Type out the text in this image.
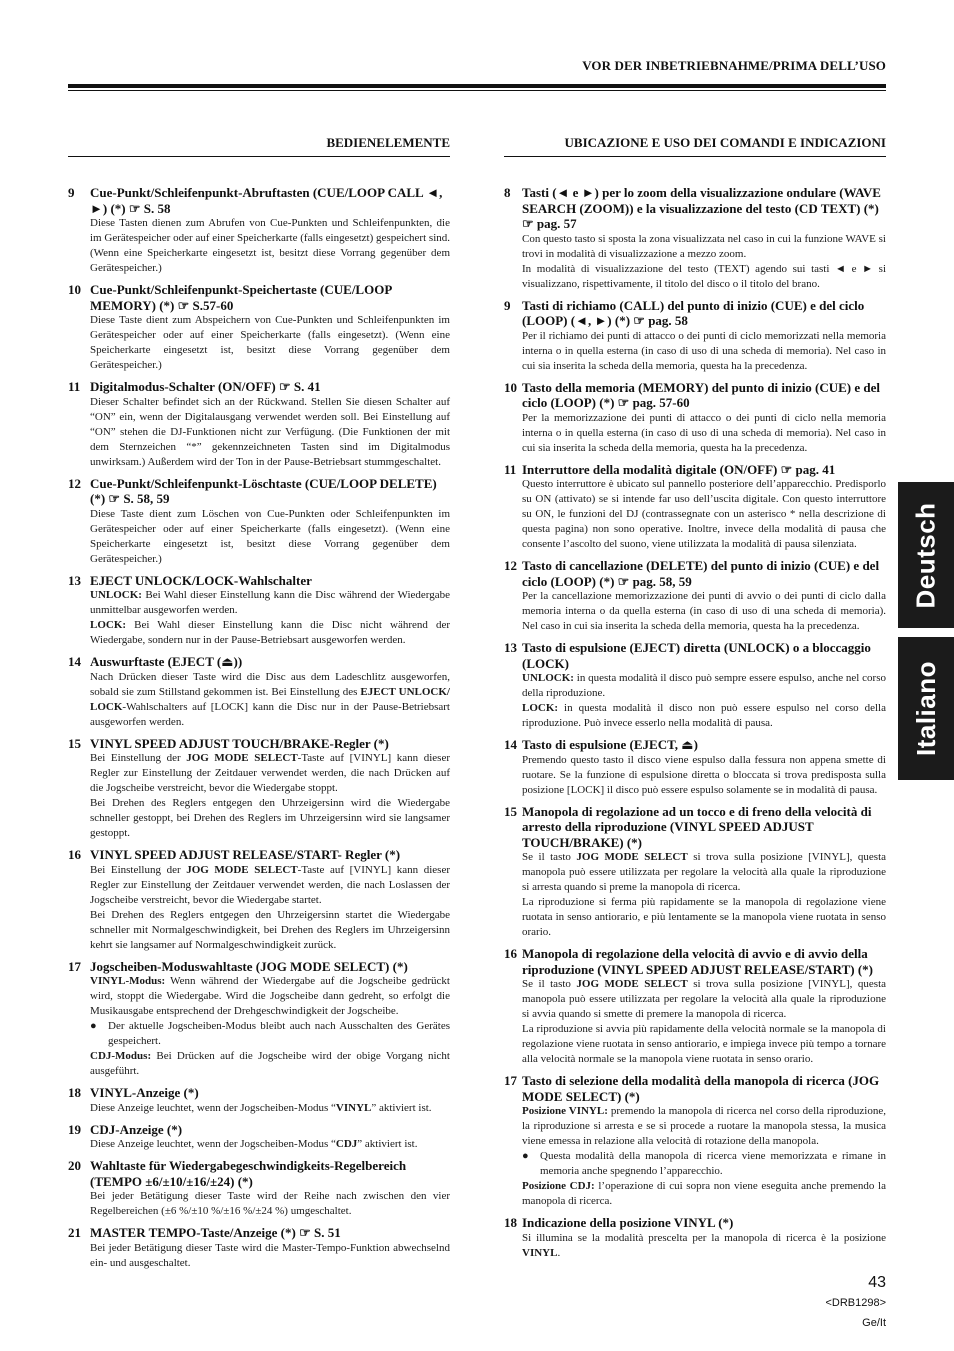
VOR DER INBETRIEBNAHME/PRIMA DELL’USO
BEDIENELEMENTE
9	Cue-Punkt/Schleifenpunkt-Abruftasten (CUE/LOOP CALL ◄, ►) (*) ☞ S. 58
Diese Tasten dienen zum Abrufen von Cue-Punkten und Schleifenpunkten, die im Gerätespeicher oder auf einer Speicherkarte (falls eingesetzt) gespeichert sind. (Wenn eine Speicherkarte eingesetzt ist, besitzt diese Vorrang gegenüber dem Gerätespeicher.)
10 Cue-Punkt/Schleifenpunkt-Speichertaste (CUE/LOOP MEMORY) (*) ☞ S.57-60
Diese Taste dient zum Abspeichern von Cue-Punkten und Schleifenpunkten im Gerätespeicher oder auf einer Speicherkarte (falls eingesetzt). (Wenn eine Speicherkarte eingesetzt ist, besitzt diese Vorrang gegenüber dem Gerätespeicher.)
11 Digitalmodus-Schalter (ON/OFF) ☞ S. 41
Dieser Schalter befindet sich an der Rückwand. Stellen Sie diesen Schalter auf “ON” ein, wenn der Digitalausgang verwendet werden soll. Bei Einstellung auf “ON” stehen die DJ-Funktionen nicht zur Verfügung. (Die Funktionen der mit dem Sternzeichen “*” gekennzeichneten Tasten sind im Digitalmodus unwirksam.) Außerdem wird der Ton in der Pause-Betriebsart stummgeschaltet.
12 Cue-Punkt/Schleifenpunkt-Löschtaste (CUE/LOOP DELETE) (*) ☞ S. 58, 59
Diese Taste dient zum Löschen von Cue-Punkten oder Schleifenpunkten im Gerätespeicher oder auf einer Speicherkarte (falls eingesetzt). (Wenn eine Speicherkarte eingesetzt ist, besitzt diese Vorrang gegenüber dem Gerätespeicher.)
13 EJECT UNLOCK/LOCK-Wahlschalter

UNLOCK: Bei Wahl dieser Einstellung kann die Disc während der Wiedergabe unmittelbar ausgeworfen werden.

LOCK: Bei Wahl dieser Einstellung kann die Disc nicht während der Wiedergabe, sondern nur in der Pause-Betriebsart ausgeworfen werden.

14 Auswurftaste (EJECT (⏏))

Nach Drücken dieser Taste wird die Disc aus dem Ladeschlitz ausgeworfen, sobald sie zum Stillstand gekommen ist. Bei Einstellung des EJECT UNLOCK/ LOCK-Wahlschalters auf [LOCK] kann die Disc nur in der Pause-Betriebsart ausgeworfen werden.

15 VINYL SPEED ADJUST TOUCH/BRAKE-Regler (*)

Bei Einstellung der JOG MODE SELECT-Taste auf [VINYL] kann dieser Regler zur Einstellung der Zeitdauer verwendet werden, die nach Drücken auf die Jogscheibe verstreicht, bevor die Wiedergabe stoppt.

Bei Drehen des Reglers entgegen den Uhrzeigersinn wird die Wiedergabe schneller gestoppt, bei Drehen des Reglers im Uhrzeigersinn wird sie langsamer gestoppt.

16 VINYL SPEED ADJUST RELEASE/START- Regler (*)

Bei Einstellung der JOG MODE SELECT-Taste auf [VINYL] kann dieser Regler zur Einstellung der Zeitdauer verwendet werden, die nach Loslassen der Jogscheibe verstreicht, bevor die Wiedergabe startet.

Bei Drehen des Reglers entgegen den Uhrzeigersinn startet die Wiedergabe schneller mit Normalgeschwindigkeit, bei Drehen des Reglers im Uhrzeigersinn kehrt sie langsamer auf Normalgeschwindigkeit zurück.

17 Jogscheiben-Moduswahltaste (JOG MODE SELECT) (*)

VINYL-Modus: Wenn während der Wiedergabe auf die Jogscheibe gedrückt wird, stoppt die Wiedergabe. Wird die Jogscheibe dann gedreht, so erfolgt die Musikausgabe entsprechend der Drehgeschwindigkeit der Jogscheibe.

●	Der aktuelle Jogscheiben-Modus bleibt auch nach Ausschalten des Gerätes gespeichert.

CDJ-Modus: Bei Drücken auf die Jogscheibe wird der obige Vorgang nicht ausgeführt.

18 VINYL-Anzeige (*)

Diese Anzeige leuchtet, wenn der Jogscheiben-Modus “VINYL” aktiviert ist.

19 CDJ-Anzeige (*)

Diese Anzeige leuchtet, wenn der Jogscheiben-Modus “CDJ” aktiviert ist.

20 Wahltaste für Wiedergabegeschwindigkeits-Regelbereich (TEMPO ±6/±10/±16/±24) (*)
Bei jeder Betätigung dieser Taste wird der Reihe nach zwischen den vier Regelbereichen (±6 %/±10 %/±16 %/±24 %) umgeschaltet.
21 MASTER TEMPO-Taste/Anzeige (*) ☞ S. 51
Bei jeder Betätigung dieser Taste wird die Master-Tempo-Funktion abwechselnd ein- und ausgeschaltet.
UBICAZIONE E USO DEI COMANDI E INDICAZIONI
8 Tasti (◄ e ►) per lo zoom della visualizzazione ondulare (WAVE SEARCH (ZOOM)) e la visualizzazione del testo (CD TEXT) (*) ☞ pag. 57

Con questo tasto si sposta la zona visualizzata nel caso in cui la funzione WAVE si trovi in modalità di visualizzazione a mezzo zoom.

In modalità di visualizzazione del testo (TEXT) agendo sui tasti ◄ e ► si visualizzano, rispettivamente, il titolo del disco o il titolo del brano.

9 Tasti di richiamo (CALL) del punto di inizio (CUE) e del ciclo (LOOP) (◄, ►) (*) ☞ pag. 58
Per il richiamo dei punti di attacco o dei punti di ciclo memorizzati nella memoria interna o in quella esterna (in caso di uso di una scheda di memoria). Nel caso in cui sia inserita la scheda della memoria, questa ha la precedenza.
10 Tasto della memoria (MEMORY) del punto di inizio (CUE) e del ciclo (LOOP) (*) ☞ pag. 57-60
Per la memorizzazione dei punti di attacco o dei punti di ciclo nella memoria interna o in quella esterna (in caso di uso di una scheda di memoria). Nel caso in cui sia inserita la scheda della memoria, questa ha la precedenza.
11 Interruttore della modalità digitale (ON/OFF) ☞ pag. 41
Questo interruttore è ubicato sul pannello posteriore dell’apparecchio. Predisporlo su ON (attivato) se si intende far uso dell’uscita digitale. Con questo interruttore su ON, le funzioni del DJ (contrassegnate con un asterisco * nella descrizione di questa pagina) non sono operative. Inoltre, invece della modalità di pausa che consente l’ascolto del suono, viene utilizzata la modalità di pausa silenziata.
12 Tasto di cancellazione (DELETE) del punto di inizio (CUE) e del ciclo (LOOP) (*) ☞ pag. 58, 59
Per la cancellazione memorizzazione dei punti di avvio o dei punti di ciclo dalla memoria interna o da quella esterna (in caso di uso di una scheda di memoria). Nel caso in cui sia inserita la scheda della memoria, questa ha la precedenza.
13 Tasto di espulsione (EJECT) diretta (UNLOCK) o a bloccaggio (LOCK)

UNLOCK: in questa modalità il disco può sempre essere espulso, anche nel corso della riproduzione.

LOCK: in questa modalità il disco non può essere espulso nel corso della riproduzione. Può invece esserlo nella modalità di pausa.

14 Tasto di espulsione (EJECT, ⏏)
Premendo questo tasto il disco viene espulso dalla fessura non appena smette di ruotare. Se la funzione di espulsione diretta o bloccata si trova predisposta sulla posizione [LOCK] il disco può essere espulso solamente se in modalità di pausa.
15 Manopola di regolazione ad un tocco e di freno della velocità di arresto della riproduzione (VINYL SPEED ADJUST TOUCH/BRAKE) (*)

Se il tasto JOG MODE SELECT si trova sulla posizione [VINYL], questa manopola può essere utilizzata per regolare la velocità alla quale la riproduzione si arresta quando si preme la manopola di ricerca.

La riproduzione si ferma più rapidamente se la manopola di regolazione viene ruotata in senso antiorario, e più lentamente se la manopola viene ruotata in senso orario.

16 Manopola di regolazione della velocità di avvio e di avvio della riproduzione (VINYL SPEED ADJUST RELEASE/START) (*)

Se il tasto JOG MODE SELECT si trova sulla posizione [VINYL], questa manopola può essere utilizzata per regolare la velocità alla quale la riproduzione si avvia quando si smette di premere la manopola di ricerca.

La riproduzione si avvia più rapidamente della velocità normale se la manopola di regolazione viene ruotata in senso antiorario, e impiega invece più tempo a tornare alla velocità normale se la manopola viene ruotata in senso orario.

17 Tasto di selezione della modalità della manopola di ricerca (JOG MODE SELECT) (*)

Posizione VINYL: premendo la manopola di ricerca nel corso della riproduzione, la riproduzione si arresta e se si procede a ruotare la manopola stessa, la musica viene emessa in relazione alla velocità di rotazione della manopola.

●	Questa modalità della manopola di ricerca viene memorizzata e rimane in memoria anche spegnendo l’apparecchio.

Posizione CDJ: l’operazione di cui sopra non viene eseguita anche premendo la manopola di ricerca.

18 Indicazione della posizione VINYL (*)

Si illumina se la modalità prescelta per la manopola di ricerca è la posizione VINYL.

Deutsch
Italiano
43
<DRB1298>
Ge/It
